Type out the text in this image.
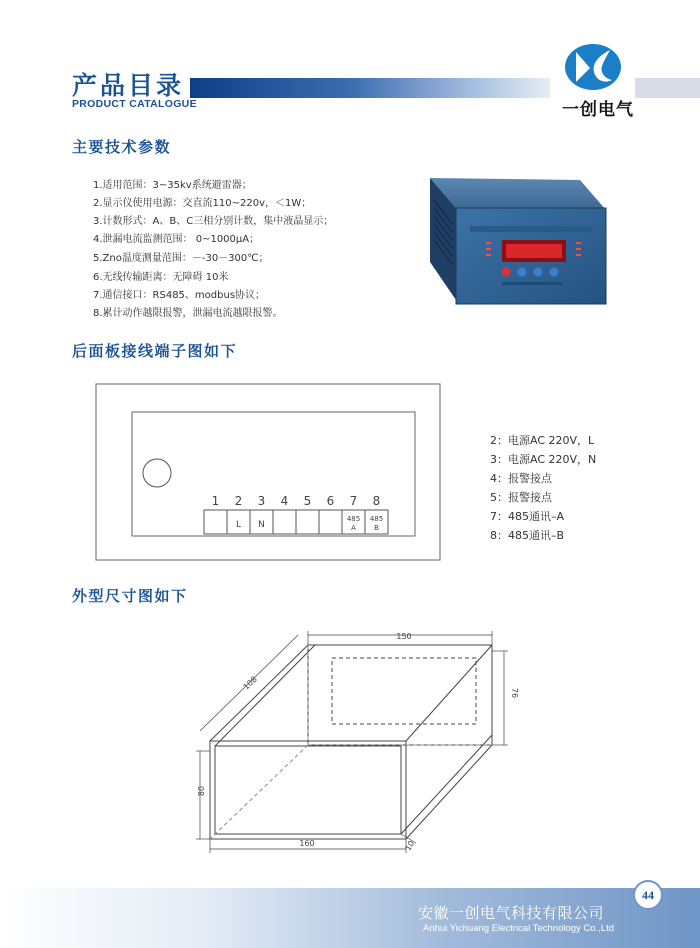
产品目录
PRODUCT CATALOGUE	一创电气
主要技术参数
1.适用范围：3~35kv系统避雷器；
2.显示仪使用电源：交直流110~220v，＜1W；
3.计数形式：A、B、C三相分别计数，集中液晶显示；
4.泄漏电流监测范围： 0~1000μA；
5.Zno温度测量范围：－-30－300℃；
6.无线传输距离：无障碍 10米
7.通信接口：RS485、modbus协议；
8.累计动作越限报警，泄漏电流越限报警。
后面板接线端子图如下
1 2 3 4 5 6 7 8
L N
485
A
485
B
2：电源AC 220V，L
3：电源AC 220V，N
4：报警接点
5：报警接点
7：485通讯–A
8：485通讯–B
外型尺寸图如下
150
108
76
80
160	10
44
安徽一创电气科技有限公司
Anhui Yichuang Electrical Technology Co.,Ltd
